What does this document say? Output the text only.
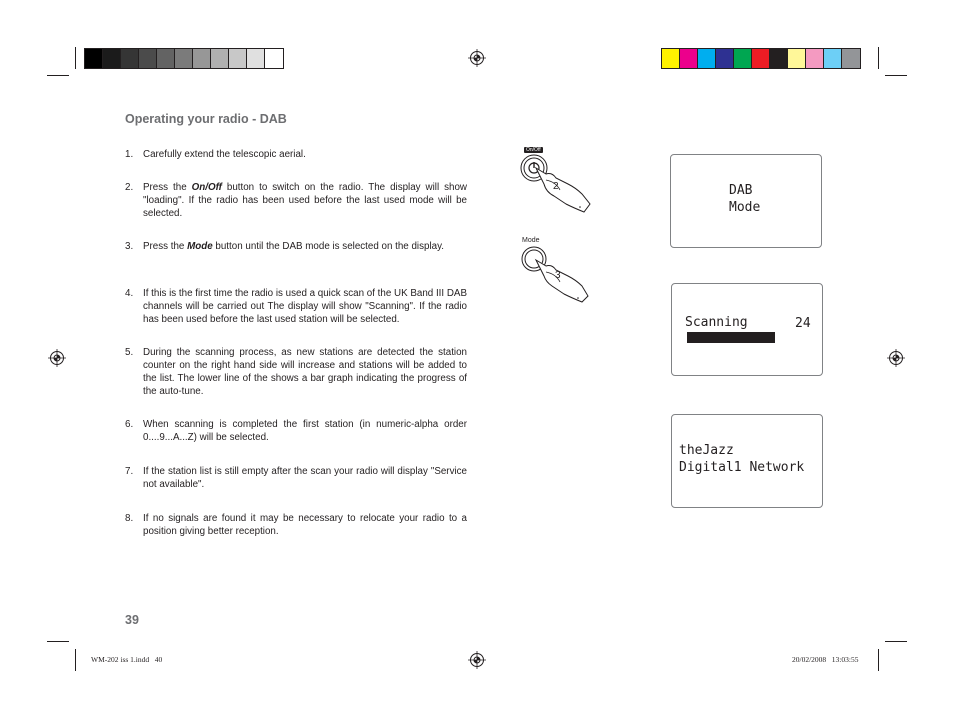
Operating your radio - DAB
1. Carefully extend the telescopic aerial.
2. Press the On/Off button to switch on the radio. The display will show "loading". If the radio has been used before the last used mode will be selected.
3. Press the Mode button until the DAB mode is selected on the display.
4. If this is the first time the radio is used a quick scan of the UK Band III DAB channels will be carried out The display will show "Scanning". If the radio has been used before the last used station will be selected.
5. During the scanning process, as new stations are detected the station counter on the right hand side will increase and stations will be added to the list. The lower line of the shows a bar graph indicating the progress of the auto-tune.
6. When scanning is completed the first station (in numeric-alpha order 0....9...A...Z) will be selected.
7. If the station list is still empty after the scan your radio will display "Service not available".
8. If no signals are found it may be necessary to relocate your radio to a position giving better reception.
On/Off
2
Mode
3
DAB
Mode
Scanning	24
theJazz
Digital1 Network
39
WM-202 iss 1.indd   40	20/02/2008   13:03:55
